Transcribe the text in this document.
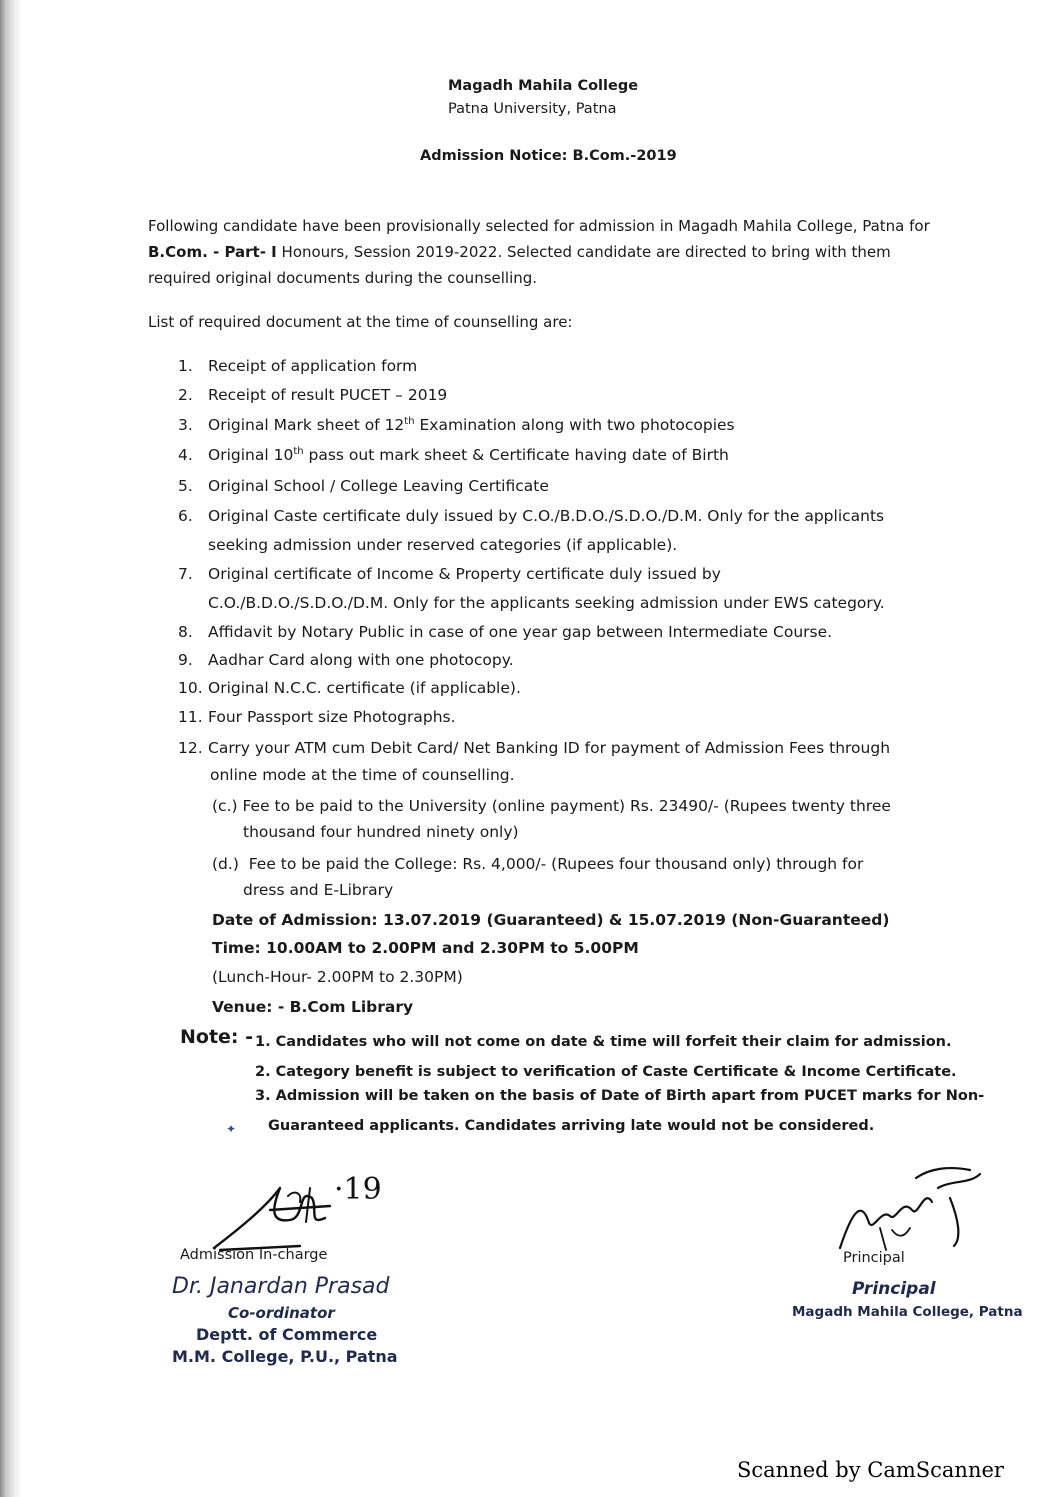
Magadh Mahila College
Patna University, Patna
Admission Notice: B.Com.-2019
Following candidate have been provisionally selected for admission in Magadh Mahila College, Patna for
B.Com. - Part- I Honours, Session 2019-2022. Selected candidate are directed to bring with them
required original documents during the counselling.
List of required document at the time of counselling are:
1. Receipt of application form
2. Receipt of result PUCET – 2019
3. Original Mark sheet of 12th Examination along with two photocopies
4. Original 10th pass out mark sheet & Certificate having date of Birth
5. Original School / College Leaving Certificate
6. Original Caste certificate duly issued by C.O./B.D.O./S.D.O./D.M. Only for the applicants
seeking admission under reserved categories (if applicable).
7. Original certificate of Income & Property certificate duly issued by
C.O./B.D.O./S.D.O./D.M. Only for the applicants seeking admission under EWS category.
8. Affidavit by Notary Public in case of one year gap between Intermediate Course.
9. Aadhar Card along with one photocopy.
10. Original N.C.C. certificate (if applicable).
11. Four Passport size Photographs.
12. Carry your ATM cum Debit Card/ Net Banking ID for payment of Admission Fees through
online mode at the time of counselling.
(c.) Fee to be paid to the University (online payment) Rs. 23490/- (Rupees twenty three
thousand four hundred ninety only)
(d.) Fee to be paid the College: Rs. 4,000/- (Rupees four thousand only) through for
dress and E-Library
Date of Admission: 13.07.2019 (Guaranteed) & 15.07.2019 (Non-Guaranteed)
Time: 10.00AM to 2.00PM and 2.30PM to 5.00PM
(Lunch-Hour- 2.00PM to 2.30PM)
Venue: - B.Com Library
Note: - 1. Candidates who will not come on date & time will forfeit their claim for admission.
2. Category benefit is subject to verification of Caste Certificate & Income Certificate.
3. Admission will be taken on the basis of Date of Birth apart from PUCET marks for Non-
Guaranteed applicants. Candidates arriving late would not be considered.
✦
·19
Admission In-charge
Dr. Janardan Prasad
Co-ordinator
Deptt. of Commerce
M.M. College, P.U., Patna
Principal
Principal
Magadh Mahila College, Patna
Scanned by CamScanner
